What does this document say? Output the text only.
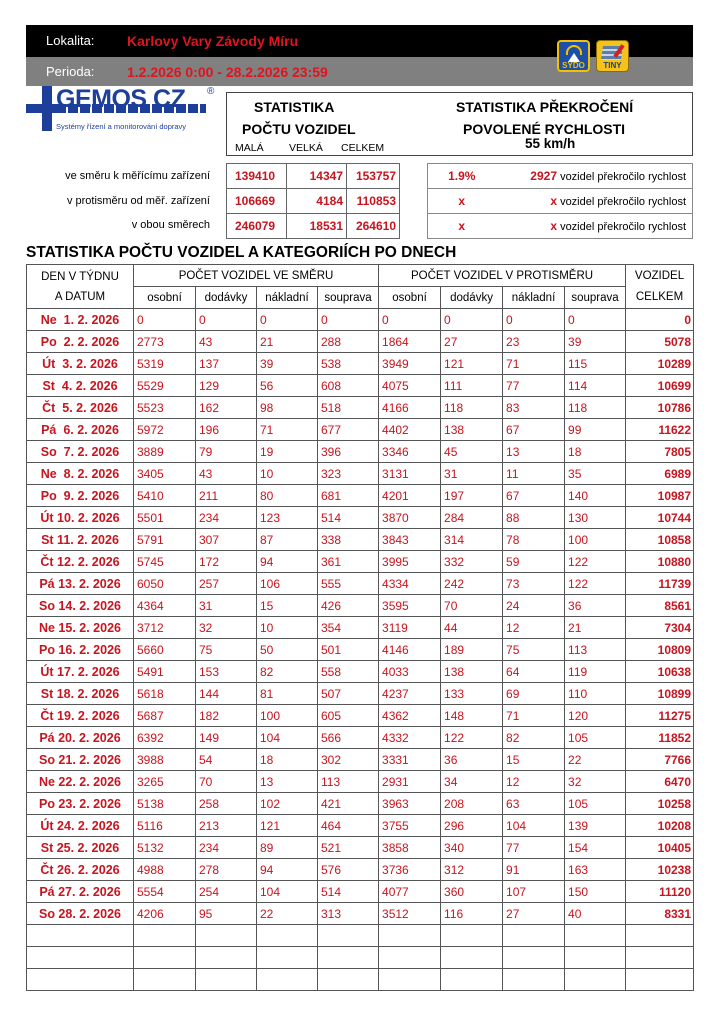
Lokalita: Karlovy Vary Závody Míru
Perioda: 1.2.2026 0:00 - 28.2.2026 23:59	SYDO	TINY
GEMOS CZ ®
Systémy řízení a monitorování dopravy
STATISTIKA
POČTU VOZIDEL
MALÁ VELKÁ CELKEM
STATISTIKA PŘEKROČENÍ
POVOLENÉ RYCHLOSTI
55 km/h
ve směru k měřícímu zařízení
v protisměru od měř. zařízení
v obou směrech
139410	14347	153757
106669	4184	110853
246079	18531	264610
1.9%	2927 vozidel překročilo rychlost
x	x vozidel překročilo rychlost
x	x vozidel překročilo rychlost
STATISTIKA POČTU VOZIDEL A KATEGORIÍCH PO DNECH
DEN V TÝDNU
A DATUM	POČET VOZIDEL VE SMĚRU				POČET VOZIDEL V PROTISMĚRU				VOZIDEL
	osobní	dodávky	nákladní	souprava	osobní	dodávky	nákladní	souprava	CELKEM
Ne  1. 2. 2026	0	0	0	0	0	0	0	0	0
Po  2. 2. 2026	2773	43	21	288	1864	27	23	39	5078
Út  3. 2. 2026	5319	137	39	538	3949	121	71	115	10289
St  4. 2. 2026	5529	129	56	608	4075	111	77	114	10699
Čt  5. 2. 2026	5523	162	98	518	4166	118	83	118	10786
Pá  6. 2. 2026	5972	196	71	677	4402	138	67	99	11622
So  7. 2. 2026	3889	79	19	396	3346	45	13	18	7805
Ne  8. 2. 2026	3405	43	10	323	3131	31	11	35	6989
Po  9. 2. 2026	5410	211	80	681	4201	197	67	140	10987
Út 10. 2. 2026	5501	234	123	514	3870	284	88	130	10744
St 11. 2. 2026	5791	307	87	338	3843	314	78	100	10858
Čt 12. 2. 2026	5745	172	94	361	3995	332	59	122	10880
Pá 13. 2. 2026	6050	257	106	555	4334	242	73	122	11739
So 14. 2. 2026	4364	31	15	426	3595	70	24	36	8561
Ne 15. 2. 2026	3712	32	10	354	3119	44	12	21	7304
Po 16. 2. 2026	5660	75	50	501	4146	189	75	113	10809
Út 17. 2. 2026	5491	153	82	558	4033	138	64	119	10638
St 18. 2. 2026	5618	144	81	507	4237	133	69	110	10899
Čt 19. 2. 2026	5687	182	100	605	4362	148	71	120	11275
Pá 20. 2. 2026	6392	149	104	566	4332	122	82	105	11852
So 21. 2. 2026	3988	54	18	302	3331	36	15	22	7766
Ne 22. 2. 2026	3265	70	13	113	2931	34	12	32	6470
Po 23. 2. 2026	5138	258	102	421	3963	208	63	105	10258
Út 24. 2. 2026	5116	213	121	464	3755	296	104	139	10208
St 25. 2. 2026	5132	234	89	521	3858	340	77	154	10405
Čt 26. 2. 2026	4988	278	94	576	3736	312	91	163	10238
Pá 27. 2. 2026	5554	254	104	514	4077	360	107	150	11120
So 28. 2. 2026	4206	95	22	313	3512	116	27	40	8331
